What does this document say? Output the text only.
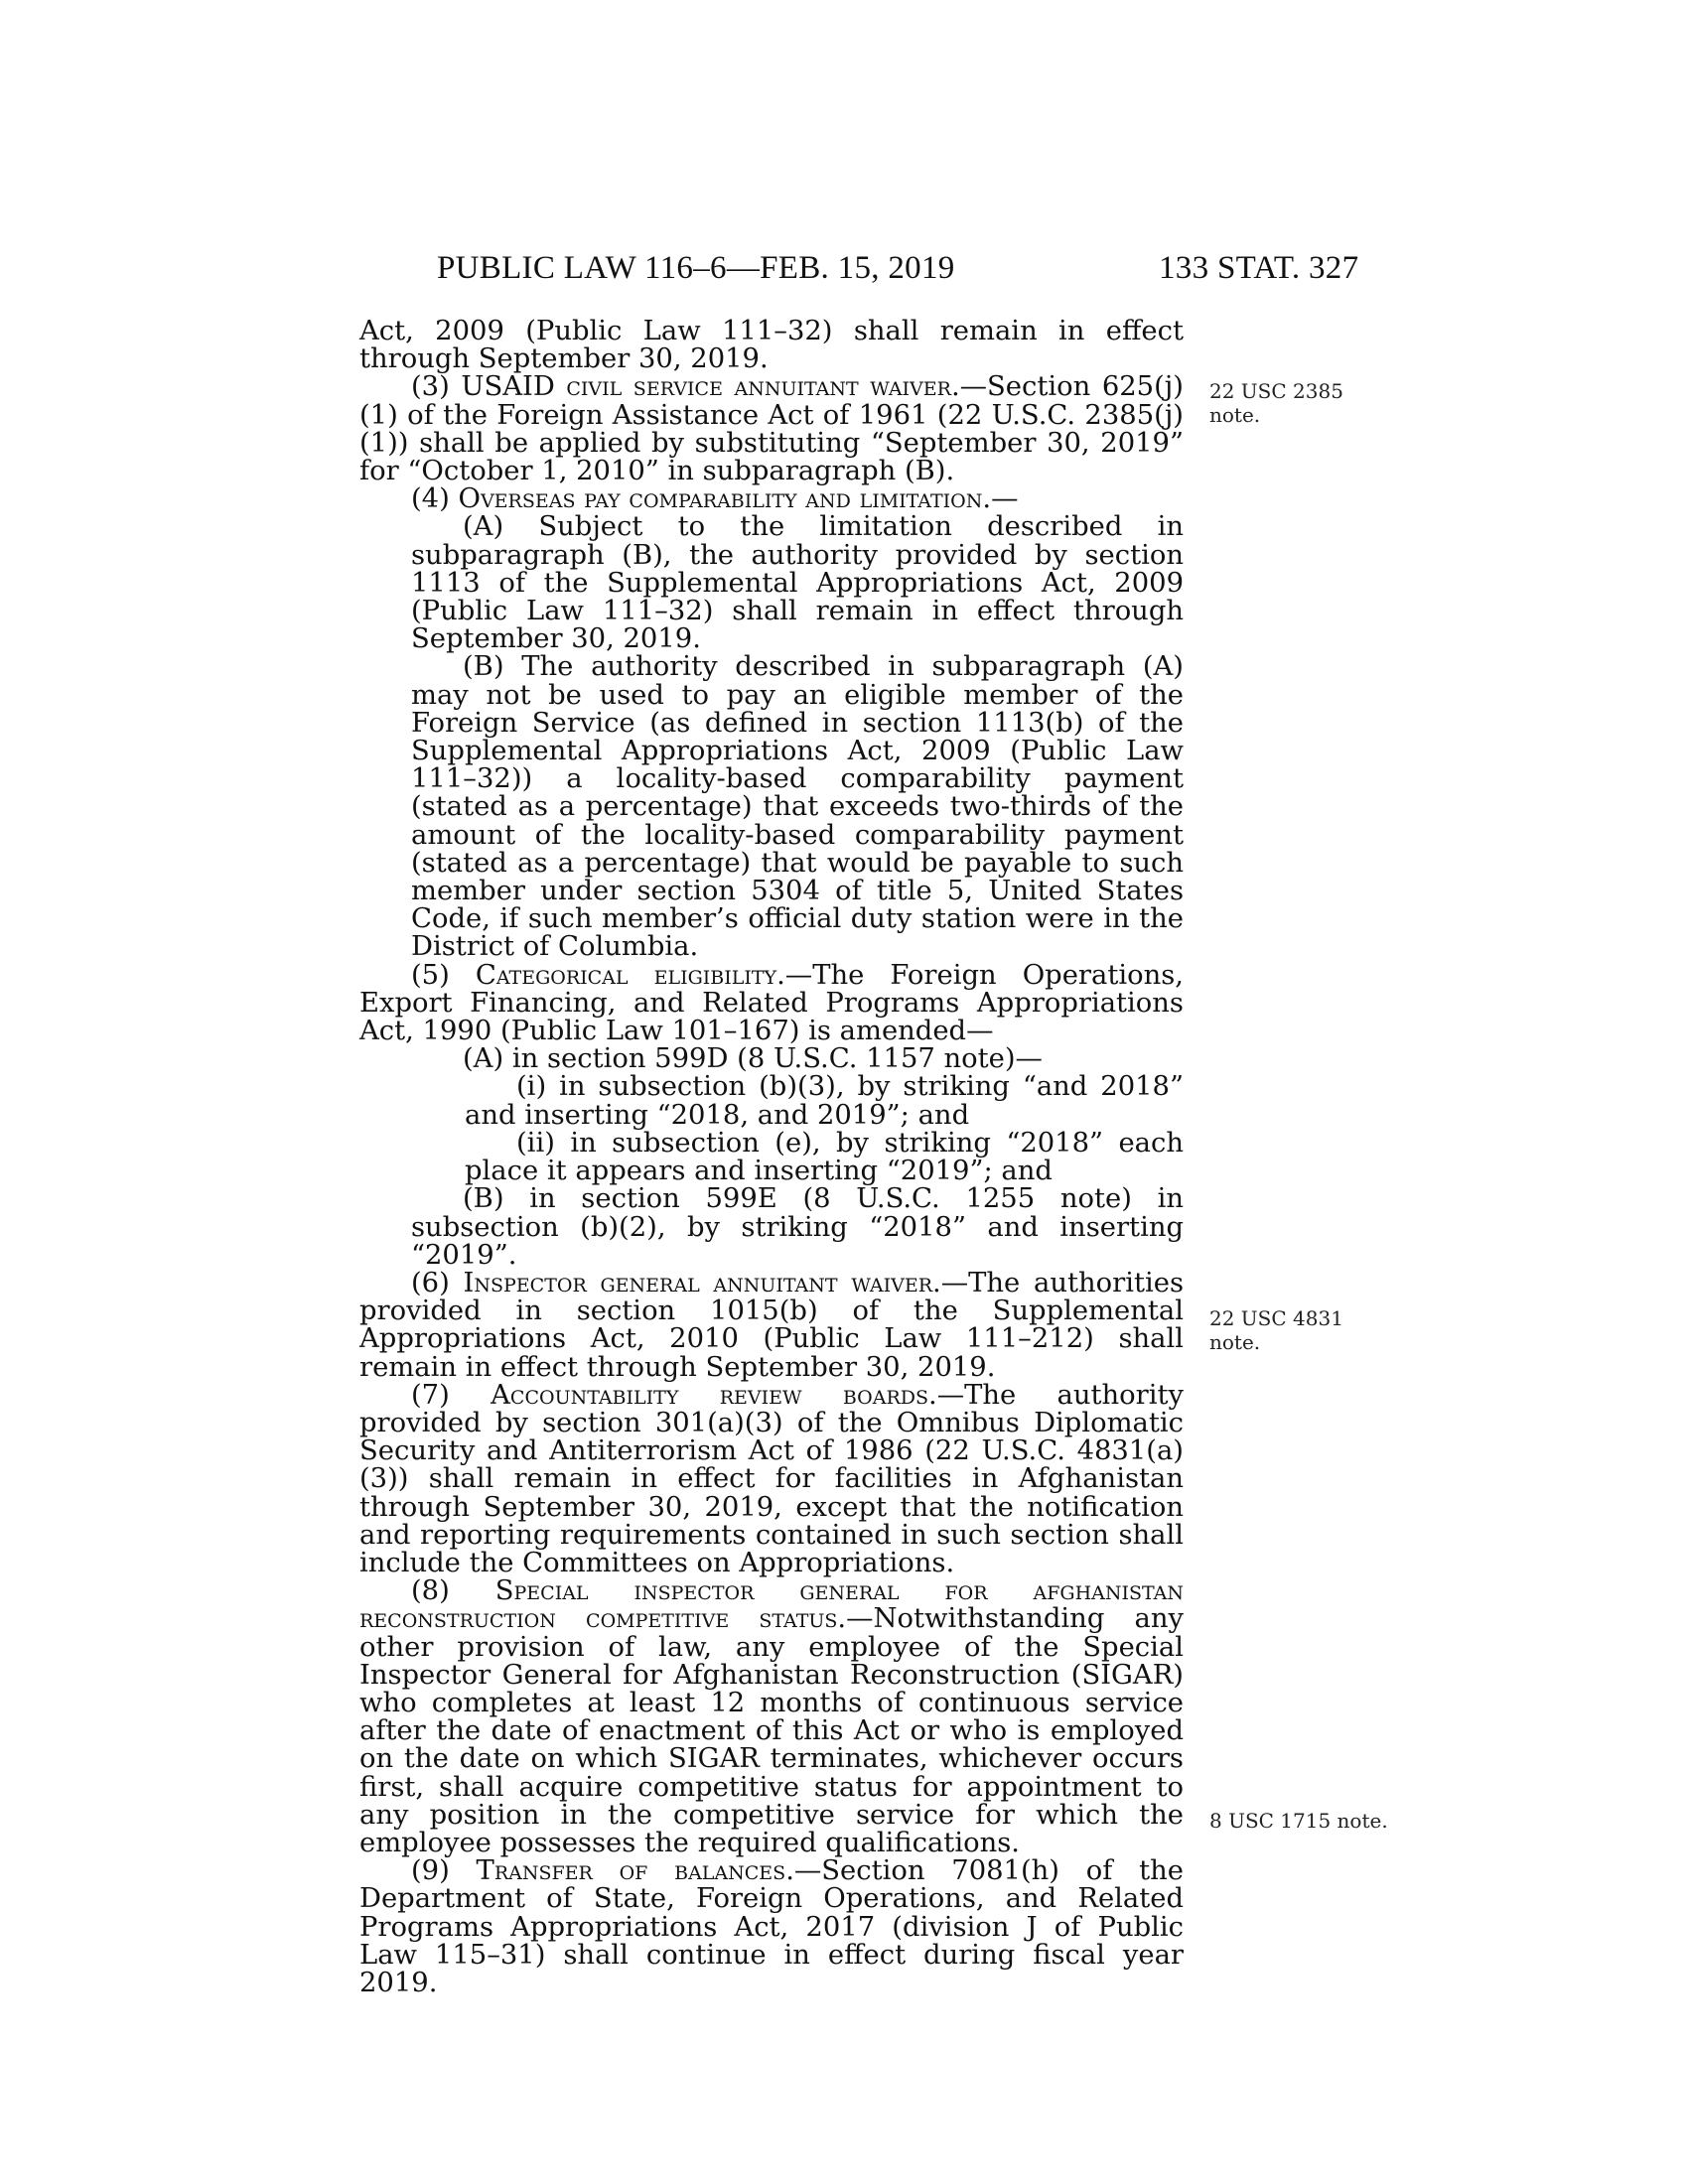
PUBLIC LAW 116–6—FEB. 15, 2019	133 STAT. 327

Act, 2009 (Public Law 111–32) shall remain in effect through September 30, 2019.

(3) USAID civil service annuitant waiver.—Section 625(j)(1) of the Foreign Assistance Act of 1961 (22 U.S.C. 2385(j)(1)) shall be applied by substituting “September 30, 2019” for “October 1, 2010” in subparagraph (B).

(4) Overseas pay comparability and limitation.—

(A) Subject to the limitation described in subparagraph (B), the authority provided by section 1113 of the Supplemental Appropriations Act, 2009 (Public Law 111–32) shall remain in effect through September 30, 2019.

(B) The authority described in subparagraph (A) may not be used to pay an eligible member of the Foreign Service (as defined in section 1113(b) of the Supplemental Appropriations Act, 2009 (Public Law 111–32)) a locality-based comparability payment (stated as a percentage) that exceeds two-thirds of the amount of the locality-based comparability payment (stated as a percentage) that would be payable to such member under section 5304 of title 5, United States Code, if such member’s official duty station were in the District of Columbia.

(5) Categorical eligibility.—The Foreign Operations, Export Financing, and Related Programs Appropriations Act, 1990 (Public Law 101–167) is amended—

(A) in section 599D (8 U.S.C. 1157 note)—

(i) in subsection (b)(3), by striking “and 2018” and inserting “2018, and 2019”; and

(ii) in subsection (e), by striking “2018” each place it appears and inserting “2019”; and

(B) in section 599E (8 U.S.C. 1255 note) in subsection (b)(2), by striking “2018” and inserting “2019”.

(6) Inspector general annuitant waiver.—The authorities provided in section 1015(b) of the Supplemental Appropriations Act, 2010 (Public Law 111–212) shall remain in effect through September 30, 2019.

(7) Accountability review boards.—The authority provided by section 301(a)(3) of the Omnibus Diplomatic Security and Antiterrorism Act of 1986 (22 U.S.C. 4831(a)(3)) shall remain in effect for facilities in Afghanistan through September 30, 2019, except that the notification and reporting requirements contained in such section shall include the Committees on Appropriations.

(8) Special inspector general for afghanistan reconstruction competitive status.—Notwithstanding any other provision of law, any employee of the Special Inspector General for Afghanistan Reconstruction (SIGAR) who completes at least 12 months of continuous service after the date of enactment of this Act or who is employed on the date on which SIGAR terminates, whichever occurs first, shall acquire competitive status for appointment to any position in the competitive service for which the employee possesses the required qualifications.

(9) Transfer of balances.—Section 7081(h) of the Department of State, Foreign Operations, and Related Programs Appropriations Act, 2017 (division J of Public Law 115–31) shall continue in effect during fiscal year 2019.

22 USC 2385
note.
22 USC 4831
note.
8 USC 1715 note.
